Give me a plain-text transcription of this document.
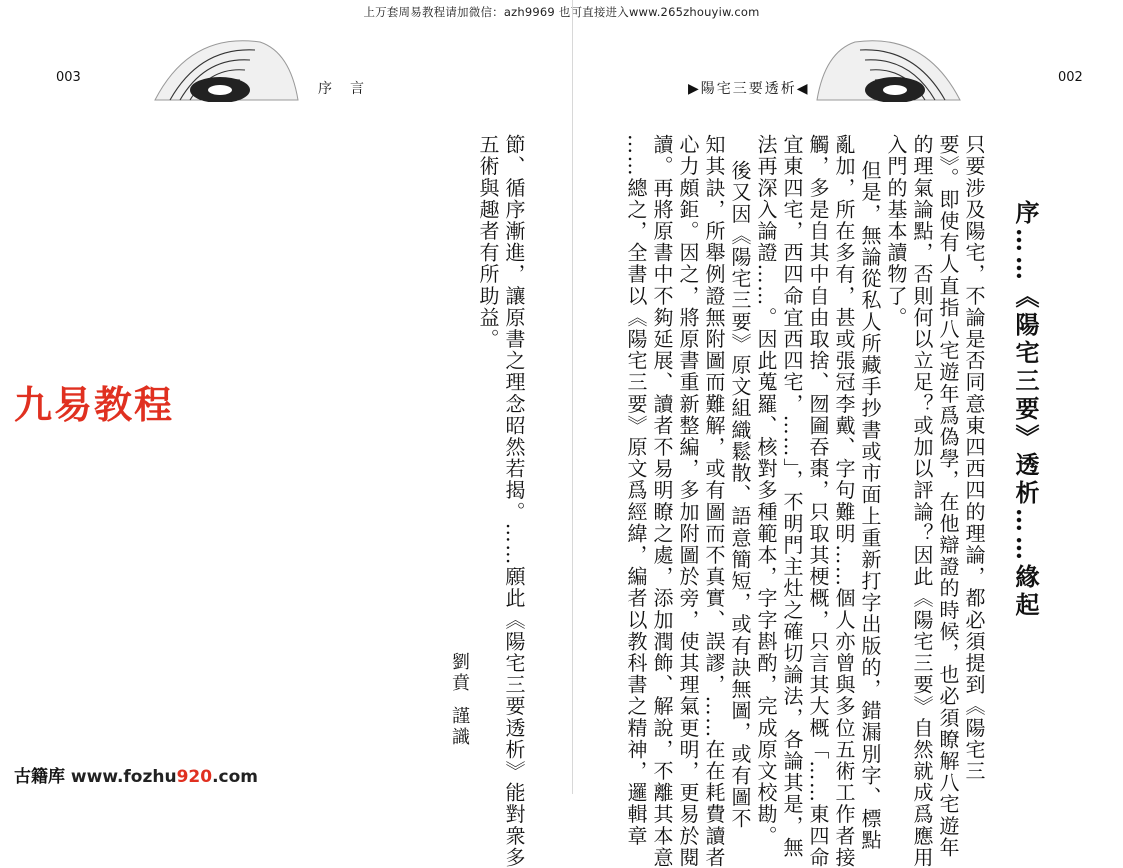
上万套周易教程请加微信：azh9969 也可直接进入www.265zhouyiw.com
003
序　言	▶陽宅三要透析◀
002
序……《陽宅三要》透析……緣起
只要涉及陽宅，不論是否同意東四西四的理論，都必須提到《陽宅三
要》。即使有人直指八宅遊年爲偽學，在他辯證的時候，也必須瞭解八宅遊年
的理氣論點，否則何以立足？或加以評論？因此《陽宅三要》自然就成爲應用
入門的基本讀物了。
但是，無論從私人所藏手抄書或市面上重新打字出版的，錯漏別字、標點
亂加，所在多有，甚或張冠李戴、字句難明……個人亦曾與多位五術工作者接
觸，多是自其中自由取捨、囫圇吞棗，只取其梗概，只言其大概「……東四命
宜東四宅，西四命宜西四宅，……」，不明門主灶之確切論法，各論其是，無
法再深入論證……。因此蒐羅、核對多種範本，字字斟酌，完成原文校勘。
後又因《陽宅三要》原文組織鬆散、語意簡短，或有訣無圖，或有圖不
知其訣，所舉例證無附圖而難解，或有圖而不真實、誤謬，……在在耗費讀者
心力頗鉅。因之，將原書重新整編，多加附圖於旁，使其理氣更明，更易於閱
讀。再將原書中不夠延展、讀者不易明瞭之處，添加潤飾、解說，不離其本意
……總之，全書以《陽宅三要》原文爲經緯，編者以教科書之精神，邏輯章
節、循序漸進，讓原書之理念昭然若揭。……願此《陽宅三要透析》能對衆多
五術與趣者有所助益。
劉賁
謹識
九易教程
古籍库 www.fozhu920.com
